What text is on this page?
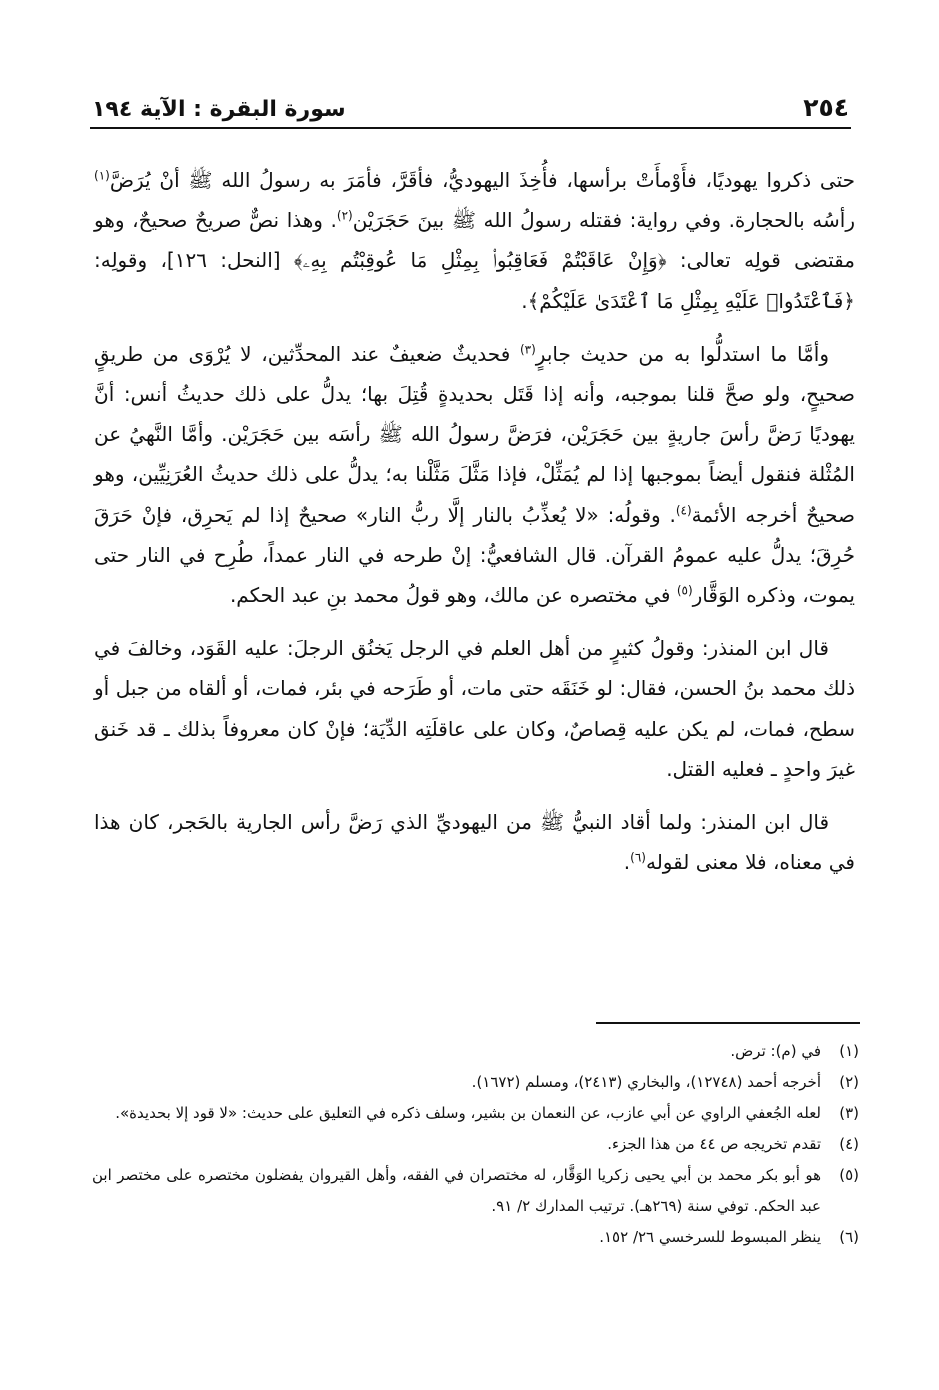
٢٥٤
سورة البقرة : الآية ١٩٤

حتى ذكروا يهوديًا، فأَوْمأَتْ برأسها، فأُخِذَ اليهوديُّ، فأقَرَّ، فأمَرَ به رسولُ الله ﷺ أنْ يُرَضَّ$^{(١)}$ رأسُه بالحجارة. وفي رواية: فقتله رسولُ الله ﷺ بينَ حَجَرَيْن$^{(٢)}$. وهذا نصٌّ صريحٌ صحيحٌ، وهو مقتضى قولِه تعالى: ﴿وَإِنْ عَاقَبْتُمْ فَعَاقِبُوا۟ بِمِثْلِ مَا عُوقِبْتُم بِهِۦ﴾ [النحل: ١٢٦]، وقولِه: ﴿فَٱعْتَدُوا۟ عَلَيْهِ بِمِثْلِ مَا ٱعْتَدَىٰ عَلَيْكُمْ﴾.

وأمَّا ما استدلُّوا به من حديث جابرٍ$^{(٣)}$ فحديثٌ ضعيفٌ عند المحدِّثين، لا يُرْوَى من طريقٍ صحيحٍ، ولو صحَّ قلنا بموجبه، وأنه إذا قَتَل بحديدةٍ قُتِلَ بها؛ يدلُّ على ذلك حديثُ أنس: أنَّ يهوديًا رَضَّ رأسَ جاريةٍ بين حَجَرَيْن، فرَضَّ رسولُ الله ﷺ رأسَه بين حَجَرَيْن. وأمَّا النَّهيُ عن المُثْلة فنقول أيضاً بموجبها إذا لم يُمَثِّلْ، فإذا مَثَّلَ مَثَّلْنا به؛ يدلُّ على ذلك حديثُ العُرَنِيِّين، وهو صحيحٌ أخرجه الأئمة$^{(٤)}$. وقولُه: «لا يُعذِّبُ بالنار إلَّا ربُّ النار» صحيحٌ إذا لم يَحرِق، فإنْ حَرَقَ حُرِقَ؛ يدلُّ عليه عمومُ القرآن. قال الشافعيُّ: إنْ طرحه في النار عمداً، طُرِح في النار حتى يموت، وذكره الوَقَّار$^{(٥)}$ في مختصره عن مالك، وهو قولُ محمد بنِ عبد الحكم.

قال ابن المنذر: وقولُ كثيرٍ من أهل العلم في الرجل يَخنُق الرجلَ: عليه القَوَد، وخالفَ في ذلك محمد بنُ الحسن، فقال: لو خَنَقَه حتى مات، أو طَرَحه في بئر، فمات، أو ألقاه من جبل أو سطح، فمات، لم يكن عليه قِصاصٌ، وكان على عاقلَتِه الدِّيَة؛ فإنْ كان معروفاً بذلك ـ قد خَنق غيرَ واحدٍ ـ فعليه القتل.

قال ابن المنذر: ولما أقاد النبيُّ ﷺ من اليهوديِّ الذي رَضَّ رأس الجارية بالحَجر، كان هذا في معناه، فلا معنى لقوله$^{(٦)}$.

(١)
في (م): ترض.
(٢)
أخرجه أحمد (١٢٧٤٨)، والبخاري (٢٤١٣)، ومسلم (١٦٧٢).
(٣)
لعله الجُعفي الراوي عن أبي عازب، عن النعمان بن بشير، وسلف ذكره في التعليق على حديث: «لا قود إلا بحديدة».
(٤)
تقدم تخريجه ص ٤٤ من هذا الجزء.
(٥)
هو أبو بكر محمد بن أبي يحيى زكريا الوَقَّار، له مختصران في الفقه، وأهل القيروان يفضلون مختصره على مختصر ابن عبد الحكم. توفي سنة (٢٦٩هـ). ترتيب المدارك ٢/ ٩١.
(٦)
ينظر المبسوط للسرخسي ٢٦/ ١٥٢.
